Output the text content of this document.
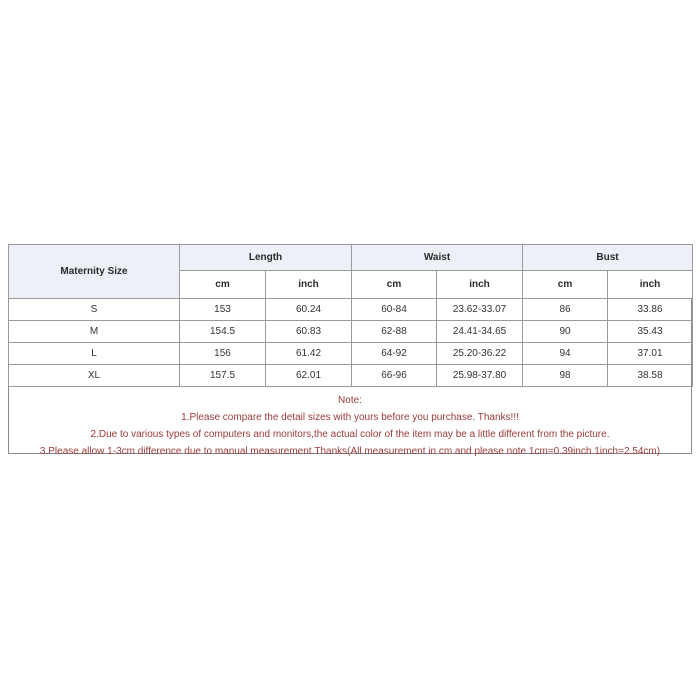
Maternity Size	Length		Waist		Bust	
	cm	inch	cm	inch	cm	inch
S	153	60.24	60-84	23.62-33.07	86	33.86
M	154.5	60.83	62-88	24.41-34.65	90	35.43
L	156	61.42	64-92	25.20-36.22	94	37.01
XL	157.5	62.01	66-96	25.98-37.80	98	38.58
Note:
1.Please compare the detail sizes with yours before you purchase. Thanks!!!
2.Due to various types of computers and monitors,the actual color of the item may be a little different from the picture.
3.Please allow 1-3cm difference due to manual measurement.Thanks(All measurement in cm and please note 1cm=0.39inch 1inch=2.54cm)
